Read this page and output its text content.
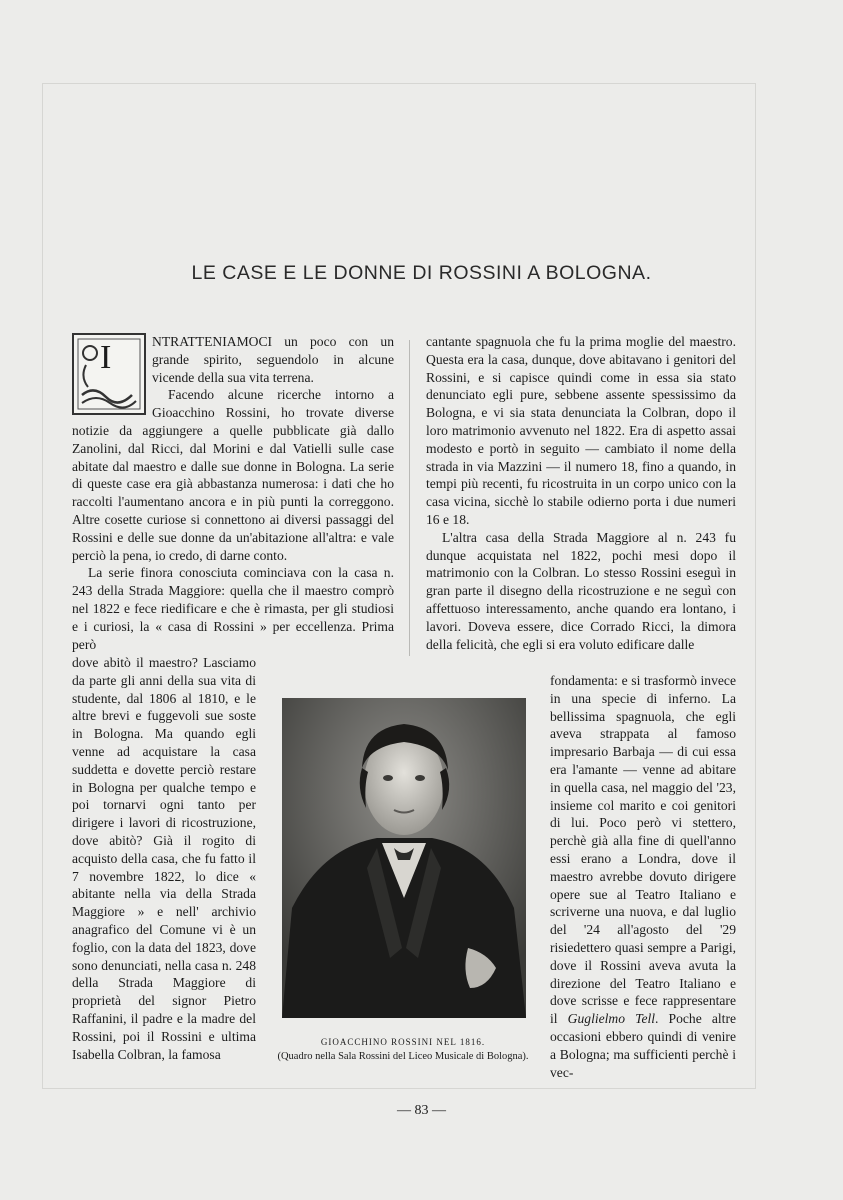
LE CASE E LE DONNE DI ROSSINI A BOLOGNA.
I	NTRATTENIAMOCI un poco con un grande spirito, seguendolo in alcune vicende della sua vita terrena.

Facendo alcune ricerche intorno a Gioacchino Rossini, ho trovate diverse notizie da aggiungere a quelle pubblicate già dallo Zanolini, dal Ricci, dal Morini e dal Vatielli sulle case abitate dal maestro e dalle sue donne in Bologna. La serie di queste case era già abbastanza numerosa: i dati che ho raccolti l'aumentano ancora e in più punti la correggono. Altre cosette curiose si connettono ai diversi passaggi del Rossini e delle sue donne da un'abitazione all'altra: e vale perciò la pena, io credo, di darne conto.

La serie finora conosciuta cominciava con la casa n. 243 della Strada Maggiore: quella che il maestro comprò nel 1822 e fece riedificare e che è rimasta, per gli studiosi e i curiosi, la « casa di Rossini » per eccellenza. Prima però

cantante spagnuola che fu la prima moglie del maestro. Questa era la casa, dunque, dove abitavano i genitori del Rossini, e si capisce quindi come in essa sia stato denunciato egli pure, sebbene assente spessissimo da Bologna, e vi sia stata denunciata la Colbran, dopo il loro matrimonio avvenuto nel 1822. Era di aspetto assai modesto e portò in seguito — cambiato il nome della strada in via Mazzini — il numero 18, fino a quando, in tempi più recenti, fu ricostruita in un corpo unico con la casa vicina, sicchè lo stabile odierno porta i due numeri 16 e 18.

L'altra casa della Strada Maggiore al n. 243 fu dunque acquistata nel 1822, pochi mesi dopo il matrimonio con la Colbran. Lo stesso Rossini eseguì in gran parte il disegno della ricostruzione e ne seguì con affettuoso interessamento, anche quando era lontano, i lavori. Doveva essere, dice Corrado Ricci, la dimora della felicità, che egli si era voluto edificare dalle

dove abitò il maestro? Lasciamo da parte gli anni della sua vita di studente, dal 1806 al 1810, e le altre brevi e fuggevoli sue soste in Bologna. Ma quando egli venne ad acquistare la casa suddetta e dovette perciò restare in Bologna per qualche tempo e poi tornarvi ogni tanto per dirigere i lavori di ricostruzione, dove abitò? Già il rogito di acquisto della casa, che fu fatto il 7 novembre 1822, lo dice « abitante nella via della Strada Maggiore » e nell' archivio anagrafico del Comune vi è un foglio, con la data del 1823, dove sono denunciati, nella casa n. 248 della Strada Maggiore di proprietà del signor Pietro Raffanini, il padre e la madre del Rossini, poi il Rossini e ultima Isabella Colbran, la famosa

fondamenta: e si trasformò invece in una specie di inferno. La bellissima spagnuola, che egli aveva strappata al famoso impresario Barbaja — di cui essa era l'amante — venne ad abitare in quella casa, nel maggio del '23, insieme col marito e coi genitori di lui. Poco però vi stettero, perchè già alla fine di quell'anno essi erano a Londra, dove il maestro avrebbe dovuto dirigere opere sue al Teatro Italiano e scriverne una nuova, e dal luglio del '24 all'agosto del '29 risiedettero quasi sempre a Parigi, dove il Rossini aveva avuta la direzione del Teatro Italiano e dove scrisse e fece rappresentare il Guglielmo Tell. Poche altre occasioni ebbero quindi di venire a Bologna; ma sufficienti perchè i vec-

GIOACCHINO ROSSINI NEL 1816.
(Quadro nella Sala Rossini del Liceo Musicale di Bologna).
— 83 —
